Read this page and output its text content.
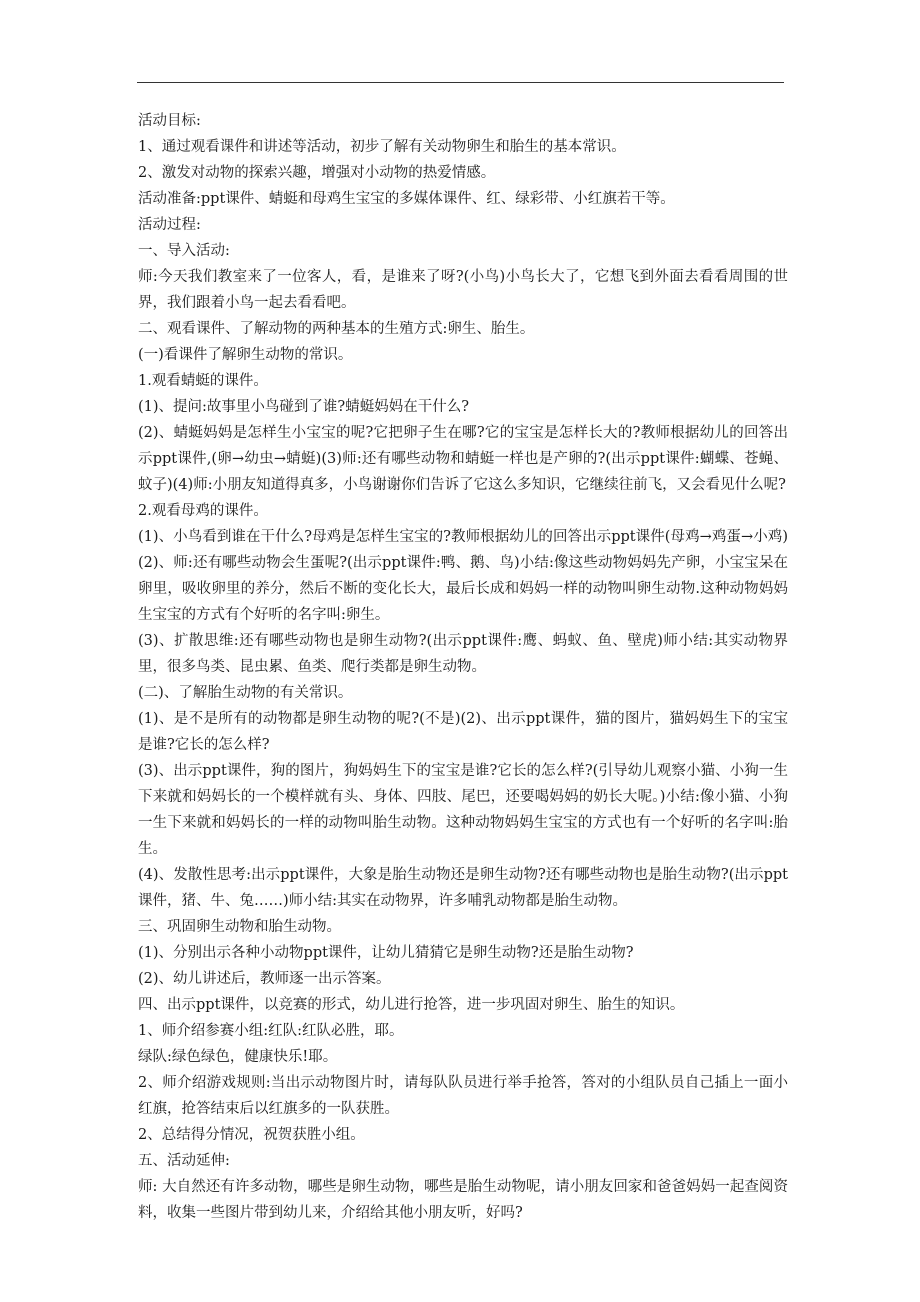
活动目标:
1、通过观看课件和讲述等活动，初步了解有关动物卵生和胎生的基本常识。
2、激发对动物的探索兴趣，增强对小动物的热爱情感。
活动准备:ppt课件、蜻蜓和母鸡生宝宝的多媒体课件、红、绿彩带、小红旗若干等。
活动过程:
一、导入活动:
师:今天我们教室来了一位客人，看，是谁来了呀?(小鸟)小鸟长大了，它想飞到外面去看看周围的世界，我们跟着小鸟一起去看看吧。
二、观看课件、了解动物的两种基本的生殖方式:卵生、胎生。
(一)看课件了解卵生动物的常识。
1.观看蜻蜓的课件。
(1)、提问:故事里小鸟碰到了谁?蜻蜓妈妈在干什么?
(2)、蜻蜓妈妈是怎样生小宝宝的呢?它把卵子生在哪?它的宝宝是怎样长大的?教师根据幼儿的回答出示ppt课件,(卵→幼虫→蜻蜓)(3)师:还有哪些动物和蜻蜓一样也是产卵的?(出示ppt课件:蝴蝶、苍蝇、蚊子)(4)师:小朋友知道得真多，小鸟谢谢你们告诉了它这么多知识，它继续往前飞，又会看见什么呢?
2.观看母鸡的课件。
(1)、小鸟看到谁在干什么?母鸡是怎样生宝宝的?教师根据幼儿的回答出示ppt课件(母鸡→鸡蛋→小鸡)(2)、师:还有哪些动物会生蛋呢?(出示ppt课件:鸭、鹅、鸟)小结:像这些动物妈妈先产卵，小宝宝呆在卵里，吸收卵里的养分，然后不断的变化长大，最后长成和妈妈一样的动物叫卵生动物.这种动物妈妈生宝宝的方式有个好听的名字叫:卵生。
(3)、扩散思维:还有哪些动物也是卵生动物?(出示ppt课件:鹰、蚂蚁、鱼、壁虎)师小结:其实动物界里，很多鸟类、昆虫累、鱼类、爬行类都是卵生动物。
(二)、了解胎生动物的有关常识。
(1)、是不是所有的动物都是卵生动物的呢?(不是)(2)、出示ppt课件，猫的图片，猫妈妈生下的宝宝是谁?它长的怎么样?
(3)、出示ppt课件，狗的图片，狗妈妈生下的宝宝是谁?它长的怎么样?(引导幼儿观察小猫、小狗一生下来就和妈妈长的一个模样就有头、身体、四肢、尾巴，还要喝妈妈的奶长大呢。)小结:像小猫、小狗一生下来就和妈妈长的一样的动物叫胎生动物。这种动物妈妈生宝宝的方式也有一个好听的名字叫:胎生。
(4)、发散性思考:出示ppt课件，大象是胎生动物还是卵生动物?还有哪些动物也是胎生动物?(出示ppt课件，猪、牛、兔……)师小结:其实在动物界，许多哺乳动物都是胎生动物。
三、巩固卵生动物和胎生动物。
(1)、分别出示各种小动物ppt课件，让幼儿猜猜它是卵生动物?还是胎生动物?
(2)、幼儿讲述后，教师逐一出示答案。
四、出示ppt课件，以竞赛的形式，幼儿进行抢答，进一步巩固对卵生、胎生的知识。
1、师介绍参赛小组:红队:红队必胜，耶。
绿队:绿色绿色，健康快乐!耶。
2、师介绍游戏规则:当出示动物图片时，请每队队员进行举手抢答，答对的小组队员自己插上一面小红旗，抢答结束后以红旗多的一队获胜。
2、总结得分情况，祝贺获胜小组。
五、活动延伸:
师: 大自然还有许多动物，哪些是卵生动物，哪些是胎生动物呢，请小朋友回家和爸爸妈妈一起查阅资料，收集一些图片带到幼儿来，介绍给其他小朋友听，好吗?
